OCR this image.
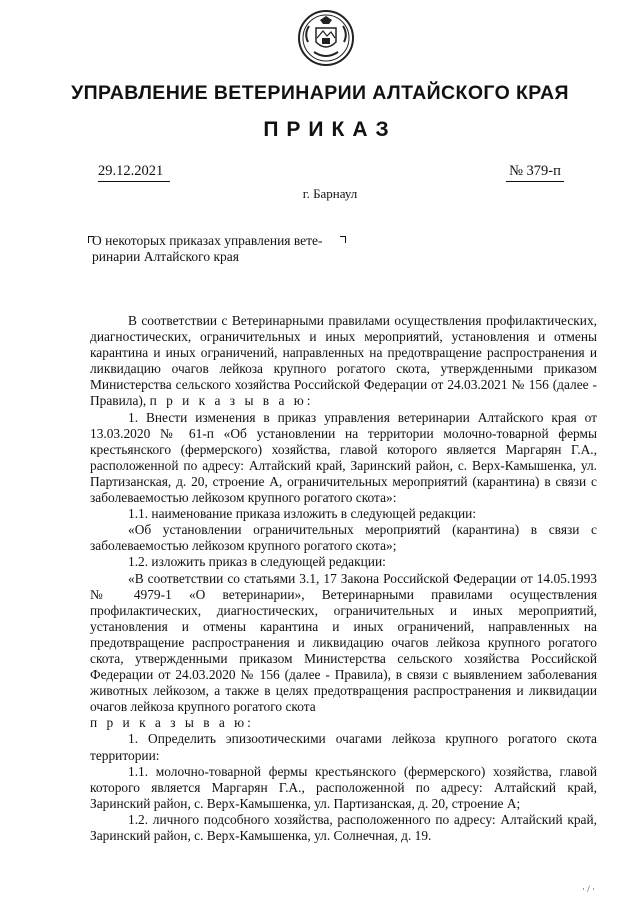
УПРАВЛЕНИЕ ВЕТЕРИНАРИИ АЛТАЙСКОГО КРАЯ
ПРИКАЗ
29.12.2021	№ 379-п
г. Барнаул
О некоторых приказах управления вете-
ринарии Алтайского края

В соответствии с Ветеринарными правилами осуществления профилактических, диагностических, ограничительных и иных мероприятий, установления и отмены карантина и иных ограничений, направленных на предотвращение распространения и ликвидацию очагов лейкоза крупного рогатого скота, утвержденными приказом Министерства сельского хозяйства Российской Федерации от 24.03.2021 № 156 (далее - Правила), п р и к а з ы в а ю:

1. Внести изменения в приказ управления ветеринарии Алтайского края от 13.03.2020 № 61-п «Об установлении на территории молочно-товарной фермы крестьянского (фермерского) хозяйства, главой которого является Маргарян Г.А., расположенной по адресу: Алтайский край, Заринский район, с. Верх-Камышенка, ул. Партизанская, д. 20, строение А, ограничительных мероприятий (карантина) в связи с заболеваемостью лейкозом крупного рогатого скота»:

1.1. наименование приказа изложить в следующей редакции:

«Об установлении ограничительных мероприятий (карантина) в связи с заболеваемостью лейкозом крупного рогатого скота»;

1.2. изложить приказ в следующей редакции:

«В соответствии со статьями 3.1, 17 Закона Российской Федерации от 14.05.1993 № 4979-1 «О ветеринарии», Ветеринарными правилами осуществления профилактических, диагностических, ограничительных и иных мероприятий, установления и отмены карантина и иных ограничений, направленных на предотвращение распространения и ликвидацию очагов лейкоза крупного рогатого скота, утвержденными приказом Министерства сельского хозяйства Российской Федерации от 24.03.2020 № 156 (далее - Правила), в связи с выявлением заболевания животных лейкозом, а также в целях предотвращения распространения и ликвидации очагов лейкоза крупного рогатого скота
п р и к а з ы в а ю:

1. Определить эпизоотическими очагами лейкоза крупного рогатого скота территории:

1.1. молочно-товарной фермы крестьянского (фермерского) хозяйства, главой которого является Маргарян Г.А., расположенной по адресу: Алтайский край, Заринский район, с. Верх-Камышенка, ул. Партизанская, д. 20, строение А;

1.2. личного подсобного хозяйства, расположенного по адресу: Алтайский край, Заринский район, с. Верх-Камышенка, ул. Солнечная, д. 19.

· / ·
